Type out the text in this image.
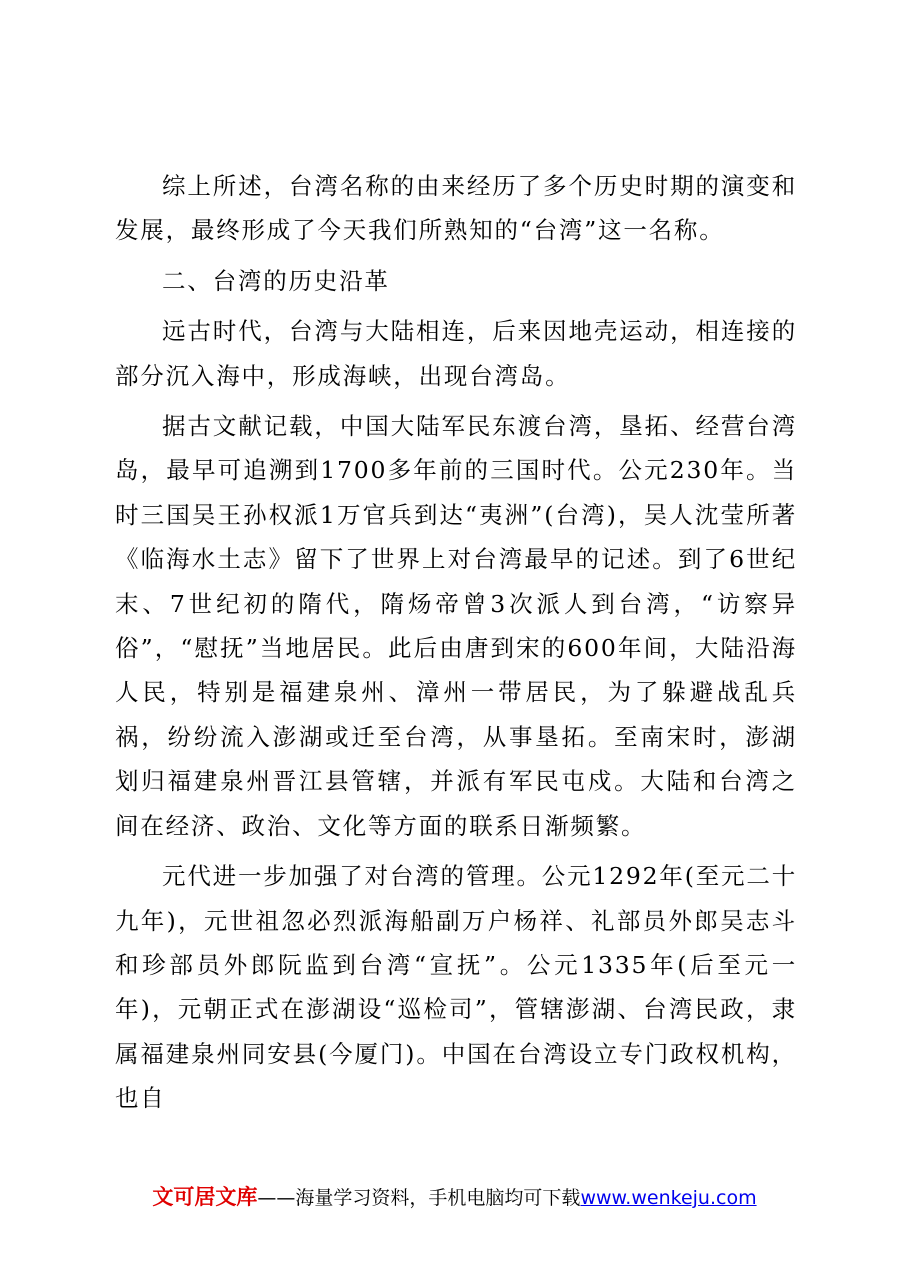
综上所述，台湾名称的由来经历了多个历史时期的演变和发展，最终形成了今天我们所熟知的“台湾”这一名称。

二、台湾的历史沿革

远古时代，台湾与大陆相连，后来因地壳运动，相连接的部分沉入海中，形成海峡，出现台湾岛。

据古文献记载，中国大陆军民东渡台湾，垦拓、经营台湾岛，最早可追溯到1700多年前的三国时代。公元230年。当时三国吴王孙权派1万官兵到达“夷洲”(台湾)，吴人沈莹所著《临海水土志》留下了世界上对台湾最早的记述。到了6世纪末、7世纪初的隋代，隋炀帝曾3次派人到台湾，“访察异俗”，“慰抚”当地居民。此后由唐到宋的600年间，大陆沿海人民，特别是福建泉州、漳州一带居民，为了躲避战乱兵祸，纷纷流入澎湖或迁至台湾，从事垦拓。至南宋时，澎湖划归福建泉州晋江县管辖，并派有军民屯戍。大陆和台湾之间在经济、政治、文化等方面的联系日渐频繁。

元代进一步加强了对台湾的管理。公元1292年(至元二十九年)，元世祖忽必烈派海船副万户杨祥、礼部员外郎吴志斗和珍部员外郎阮监到台湾“宣抚”。公元1335年(后至元一年)，元朝正式在澎湖设“巡检司”，管辖澎湖、台湾民政，隶属福建泉州同安县(今厦门)。中国在台湾设立专门政权机构，也自

文可居文库——海量学习资料，手机电脑均可下载www.wenkeju.com
